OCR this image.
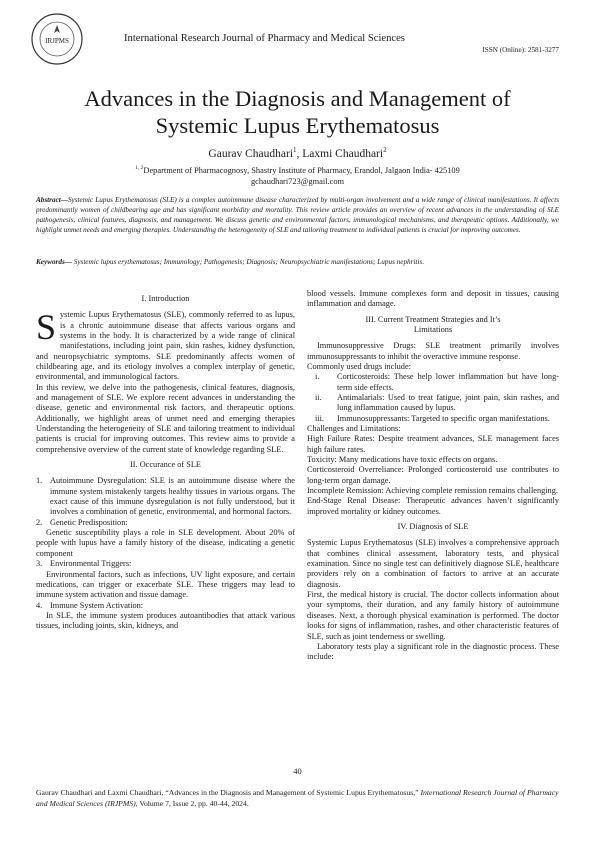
IRJPMS	International Research Journal of Pharmacy and Medical Sciences
ISSN (Online): 2581-3277
Advances in the Diagnosis and Management of
Systemic Lupus Erythematosus
Gaurav Chaudhari$^1$, Laxmi Chaudhari$^2$
$^{1, 2}$Department of Pharmacognosy, Shastry Institute of Pharmacy, Erandol, Jalgaon India- 425109
gchaudhari723@gmail.com
Abstract—Systemic Lupus Erythematosus (SLE) is a complex autoimmune disease characterized by multi-organ involvement and a wide range of clinical manifestations. It affects predominantly women of childbearing age and has significant morbidity and mortality. This review article provides an overview of recent advances in the understanding of SLE pathogenesis, clinical features, diagnosis, and management. We discuss genetic and environmental factors, immunological mechanisms, and therapeutic options. Additionally, we highlight unmet needs and emerging therapies. Understanding the heterogeneity of SLE and tailoring treatment to individual patients is crucial for improving outcomes.
Keywords— Systemic lupus erythematosus; Immunology; Pathogenesis; Diagnosis; Neuropsychiatric manifestations; Lupus nephritis.
I. Introduction

Systemic Lupus Erythematosus (SLE), commonly referred to as lupus, is a chronic autoimmune disease that affects various organs and systems in the body. It is characterized by a wide range of clinical manifestations, including joint pain, skin rashes, kidney dysfunction, and neuropsychiatric symptoms. SLE predominantly affects women of childbearing age, and its etiology involves a complex interplay of genetic, environmental, and immunological factors.

In this review, we delve into the pathogenesis, clinical features, diagnosis, and management of SLE. We explore recent advances in understanding the disease, genetic and environmental risk factors, and therapeutic options. Additionally, we highlight areas of unmet need and emerging therapies Understanding the heterogeneity of SLE and tailoring treatment to individual patients is crucial for improving outcomes. This review aims to provide a comprehensive overview of the current state of knowledge regarding SLE.

II. Occurance of SLE
1. Autoimmune Dysregulation: SLE is an autoimmune disease where the immune system mistakenly targets healthy tissues in various organs. The exact cause of this immune dysregulation is not fully understood, but it involves a combination of genetic, environmental, and hormonal factors.
2. Genetic Predisposition:

Genetic susceptibility plays a role in SLE development. About 20% of people with lupus have a family history of the disease, indicating a genetic component

3. Environmental Triggers:

Environmental factors, such as infections, UV light exposure, and certain medications, can trigger or exacerbate SLE. These triggers may lead to immune system activation and tissue damage.

4. Immune System Activation:

In SLE, the immune system produces autoantibodies that attack various tissues, including joints, skin, kidneys, and

blood vessels. Immune complexes form and deposit in tissues, causing inflammation and damage.

III. Current Treatment Strategies and It’s
Limitations

Immunosuppressive Drugs: SLE treatment primarily involves immunosuppressants to inhibit the overactive immune response.

Commonly used drugs include:

i. Corticosteroids: These help lower inflammation but have long-term side effects.
ii. Antimalarials: Used to treat fatigue, joint pain, skin rashes, and lung inflammation caused by lupus.
iii. Immunosuppressants: Targeted to specific organ manifestations.

Challenges and Limitations:

High Failure Rates: Despite treatment advances, SLE management faces high failure rates.

Toxicity: Many medications have toxic effects on organs.

Corticosteroid Overreliance: Prolonged corticosteroid use contributes to long-term organ damage.

Incomplete Remission: Achieving complete remission remains challenging.

End-Stage Renal Disease: Therapeutic advances haven’t significantly improved mortality or kidney outcomes.

IV. Diagnosis of SLE

Systemic Lupus Erythematosus (SLE) involves a comprehensive approach that combines clinical assessment, laboratory tests, and physical examination. Since no single test can definitively diagnose SLE, healthcare providers rely on a combination of factors to arrive at an accurate diagnosis.

First, the medical history is crucial. The doctor collects information about your symptoms, their duration, and any family history of autoimmune diseases. Next, a thorough physical examination is performed. The doctor looks for signs of inflammation, rashes, and other characteristic features of SLE, such as joint tenderness or swelling.

Laboratory tests play a significant role in the diagnostic process. These include:

40
Gaurav Chaudhari and Laxmi Chaudhari, “Advances in the Diagnosis and Management of Systemic Lupus Erythematosus,” International Research Journal of Pharmacy and Medical Sciences (IRJPMS), Volume 7, Issue 2, pp. 40-44, 2024.
